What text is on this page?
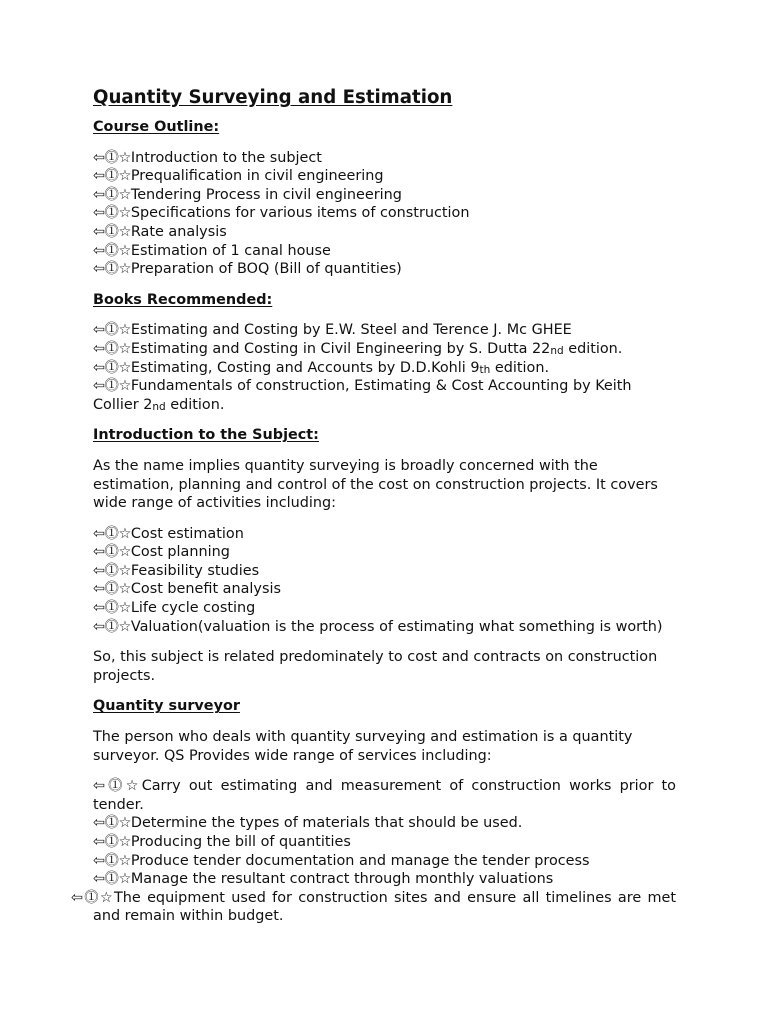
Quantity Surveying and Estimation
Course Outline:
⇦⓵☆Introduction to the subject
⇦⓵☆Prequalification in civil engineering
⇦⓵☆Tendering Process in civil engineering
⇦⓵☆Specifications for various items of construction
⇦⓵☆Rate analysis
⇦⓵☆Estimation of 1 canal house
⇦⓵☆Preparation of BOQ (Bill of quantities)
Books Recommended:
⇦⓵☆Estimating and Costing by E.W. Steel and Terence J. Mc GHEE
⇦⓵☆Estimating and Costing in Civil Engineering by S. Dutta $22_{nd}$ edition.
⇦⓵☆Estimating, Costing and Accounts by D.D.Kohli $9_{th}$ edition.
⇦⓵☆Fundamentals of construction, Estimating & Cost Accounting by Keith Collier $2_{nd}$ edition.
Introduction to the Subject:

As the name implies quantity surveying is broadly concerned with the estimation, planning and control of the cost on construction projects. It covers wide range of activities including:

⇦⓵☆Cost estimation
⇦⓵☆Cost planning
⇦⓵☆Feasibility studies
⇦⓵☆Cost benefit analysis
⇦⓵☆Life cycle costing
⇦⓵☆Valuation(valuation is the process of estimating what something is worth)

So, this subject is related predominately to cost and contracts on construction projects.

Quantity surveyor

The person who deals with quantity surveying and estimation is a quantity surveyor. QS Provides wide range of services including:

⇦⓵☆Carry out estimating and measurement of construction works prior to tender.
⇦⓵☆Determine the types of materials that should be used.
⇦⓵☆Producing the bill of quantities
⇦⓵☆Produce tender documentation and manage the tender process
⇦⓵☆Manage the resultant contract through monthly valuations
⇦⓵☆The equipment used for construction sites and ensure all timelines are met and remain within budget.
